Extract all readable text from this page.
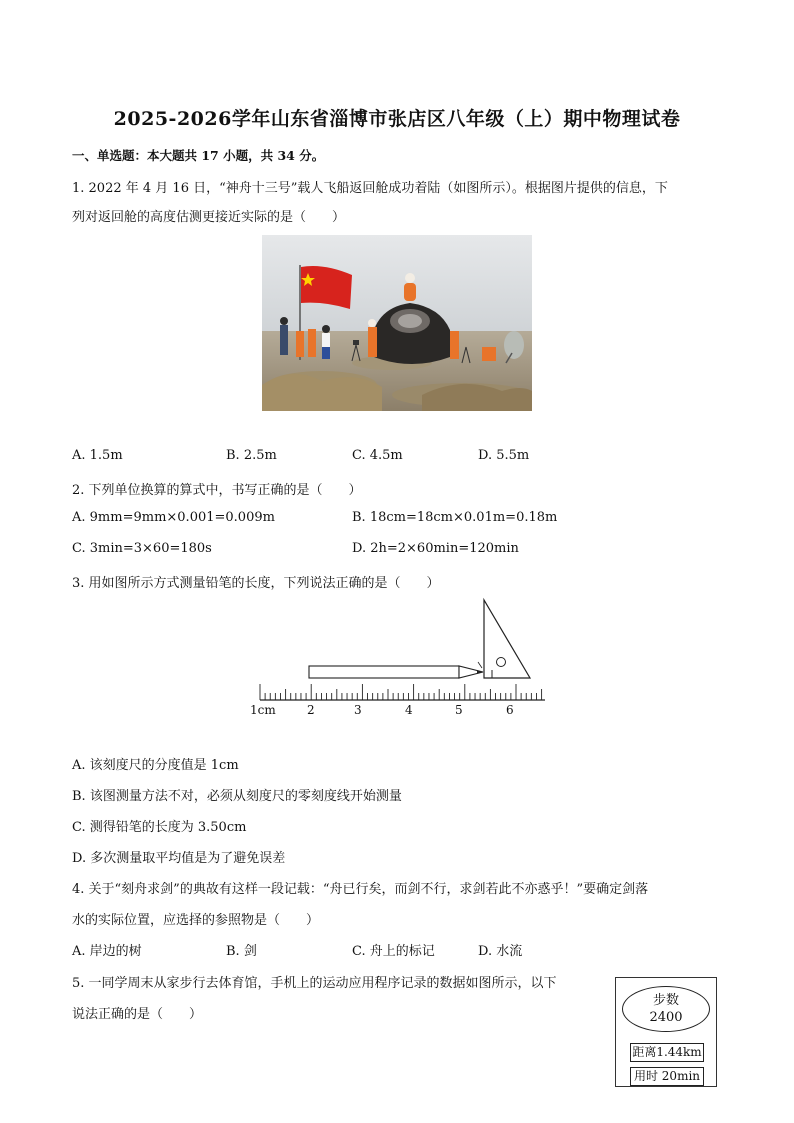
2025-2026学年山东省淄博市张店区八年级（上）期中物理试卷
一、单选题：本大题共 17 小题，共 34 分。
1. 2022 年 4 月 16 日，“神舟十三号”载人飞船返回舱成功着陆（如图所示）。根据图片提供的信息，下
列对返回舱的高度估测更接近实际的是（　　）
A. 1.5m	B. 2.5m	C. 4.5m	D. 5.5m
2. 下列单位换算的算式中，书写正确的是（　　）
A. 9mm=9mm×0.001=0.009m	B. 18cm=18cm×0.01m=0.18m
C. 3min=3×60=180s	D. 2h=2×60min=120min
3. 用如图所示方式测量铅笔的长度，下列说法正确的是（　　）
1cm	2	3	4	5	6
A. 该刻度尺的分度值是 1cm
B. 该图测量方法不对，必须从刻度尺的零刻度线开始测量
C. 测得铅笔的长度为 3.50cm
D. 多次测量取平均值是为了避免误差
4. 关于“刻舟求剑”的典故有这样一段记载：“舟已行矣，而剑不行，求剑若此不亦惑乎！”要确定剑落
水的实际位置，应选择的参照物是（　　）
A. 岸边的树	B. 剑	C. 舟上的标记	D. 水流
5. 一同学周末从家步行去体育馆，手机上的运动应用程序记录的数据如图所示，以下
说法正确的是（　　）
步数
2400
距离1.44km
用时 20min
